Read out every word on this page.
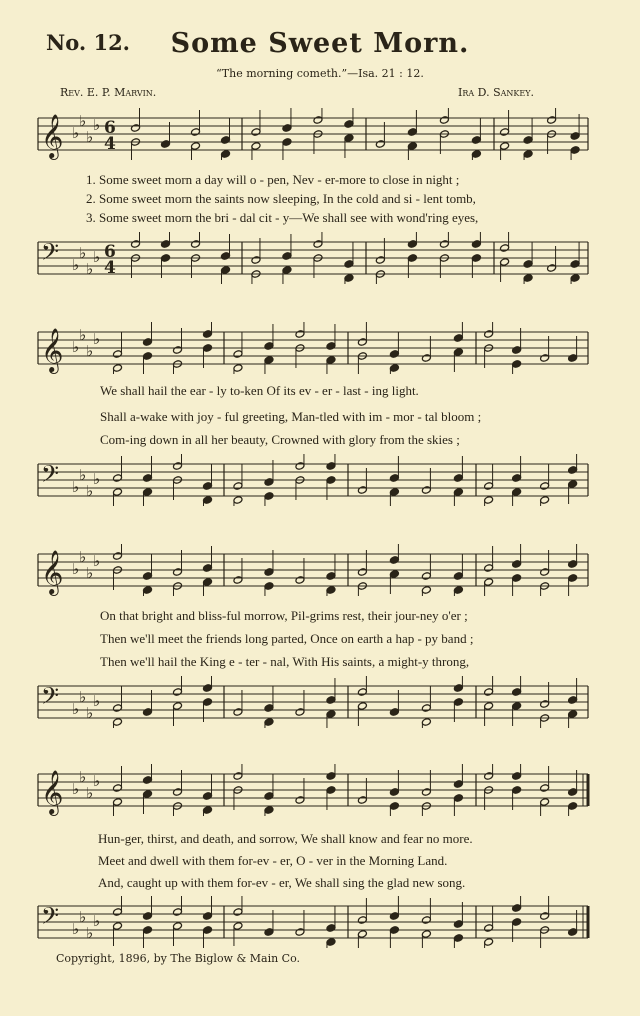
No. 12.	Some Sweet Morn.
“The morning cometh.”—Isa. 21 : 12.
Rev. E. P. Marvin.	Ira D. Sankey.
𝄞 ♭
♭
♭
♭ 6
4
1. Some sweet morn a day will o - pen, Nev - er-more to close in night ;
2. Some sweet morn the saints now sleeping, In the cold and si - lent tomb,
3. Some sweet morn the bri - dal cit - y—We shall see with wond'ring eyes,
𝄢 ♭
♭
♭
♭ 6
4
𝄞 ♭
♭
♭
♭
We shall hail the ear - ly to-ken Of its ev - er - last - ing light.
Shall a-wake with joy - ful greeting, Man-tled with im - mor - tal bloom ;
Com-ing down in all her beauty, Crowned with glory from the skies ;
𝄢 ♭
♭
♭
♭
𝄞 ♭
♭
♭
♭
On that bright and bliss-ful morrow, Pil-grims rest, their jour-ney o'er ;
Then we'll meet the friends long parted, Once on earth a hap - py band ;
Then we'll hail the King e - ter - nal, With His saints, a might-y throng,
𝄢 ♭
♭
♭
♭
𝄞 ♭
♭
♭
♭
Hun-ger, thirst, and death, and sorrow, We shall know and fear no more.
Meet and dwell with them for-ev - er, O - ver in the Morning Land.
And, caught up with them for-ev - er, We shall sing the glad new song.
𝄢 ♭
♭
♭
♭
Copyright, 1896, by The Biglow & Main Co.
